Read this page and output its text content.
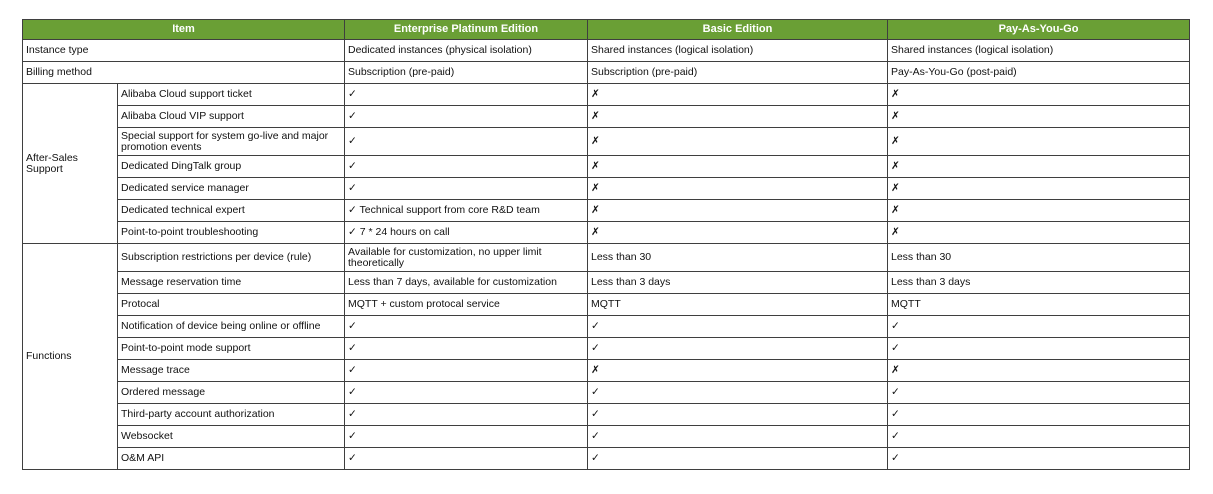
Item		Enterprise Platinum Edition	Basic Edition	Pay-As-You-Go
Instance type		Dedicated instances (physical isolation)	Shared instances (logical isolation)	Shared instances (logical isolation)
Billing method		Subscription (pre-paid)	Subscription (pre-paid)	Pay-As-You-Go (post-paid)
After-Sales Support	Alibaba Cloud support ticket	✓	✗	✗
	Alibaba Cloud VIP support	✓	✗	✗
	Special support for system go-live and major promotion events	✓	✗	✗
	Dedicated DingTalk group	✓	✗	✗
	Dedicated service manager	✓	✗	✗
	Dedicated technical expert	✓ Technical support from core R&D team	✗	✗
	Point-to-point troubleshooting	✓ 7 * 24 hours on call	✗	✗
Functions	Subscription restrictions per device (rule)	Available for customization, no upper limit theoretically	Less than 30	Less than 30
	Message reservation time	Less than 7 days, available for customization	Less than 3 days	Less than 3 days
	Protocal	MQTT + custom protocal service	MQTT	MQTT
	Notification of device being online or offline	✓	✓	✓
	Point-to-point mode support	✓	✓	✓
	Message trace	✓	✗	✗
	Ordered message	✓	✓	✓
	Third-party account authorization	✓	✓	✓
	Websocket	✓	✓	✓
	O&M API	✓	✓	✓
